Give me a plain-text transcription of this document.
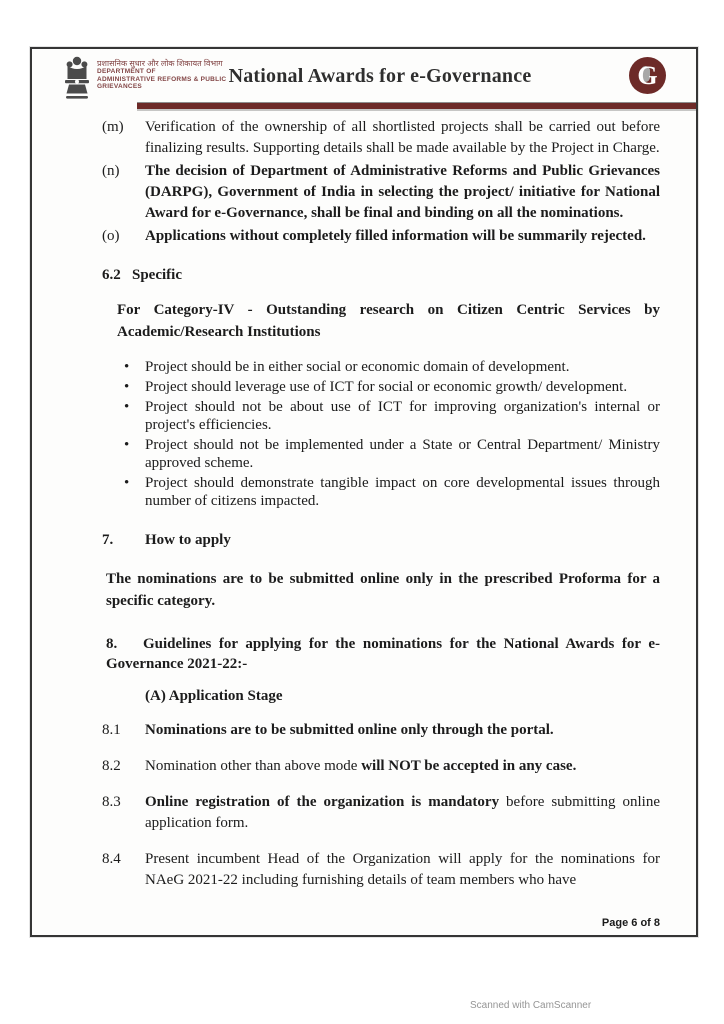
प्रशासनिक सुधार और लोक शिकायत विभाग
DEPARTMENT OF
ADMINISTRATIVE REFORMS & PUBLIC
GRIEVANCES	National Awards for e-Governance	G
(m)	Verification of the ownership of all shortlisted projects shall be carried out before finalizing results. Supporting details shall be made available by the Project in Charge.
(n)	The decision of Department of Administrative Reforms and Public Grievances (DARPG), Government of India in selecting the project/ initiative for National Award for e-Governance, shall be final and binding on all the nominations.
(o)	Applications without completely filled information will be summarily rejected.
6.2 Specific
For Category-IV - Outstanding research on Citizen Centric Services by Academic/Research Institutions
•	Project should be in either social or economic domain of development.
•	Project should leverage use of ICT for social or economic growth/ development.
•	Project should not be about use of ICT for improving organization's internal or project's efficiencies.
•	Project should not be implemented under a State or Central Department/ Ministry approved scheme.
•	Project should demonstrate tangible impact on core developmental issues through number of citizens impacted.
7.	How to apply
The nominations are to be submitted online only in the prescribed Proforma for a specific category.

8. Guidelines for applying for the nominations for the National Awards for e-Governance 2021-22:-

(A) Application Stage
8.1	Nominations are to be submitted online only through the portal.
8.2	Nomination other than above mode will NOT be accepted in any case.
8.3	Online registration of the organization is mandatory before submitting online application form.
8.4	Present incumbent Head of the Organization will apply for the nominations for NAeG 2021-22 including furnishing details of team members who have
Page 6 of 8
Scanned with CamScanner
